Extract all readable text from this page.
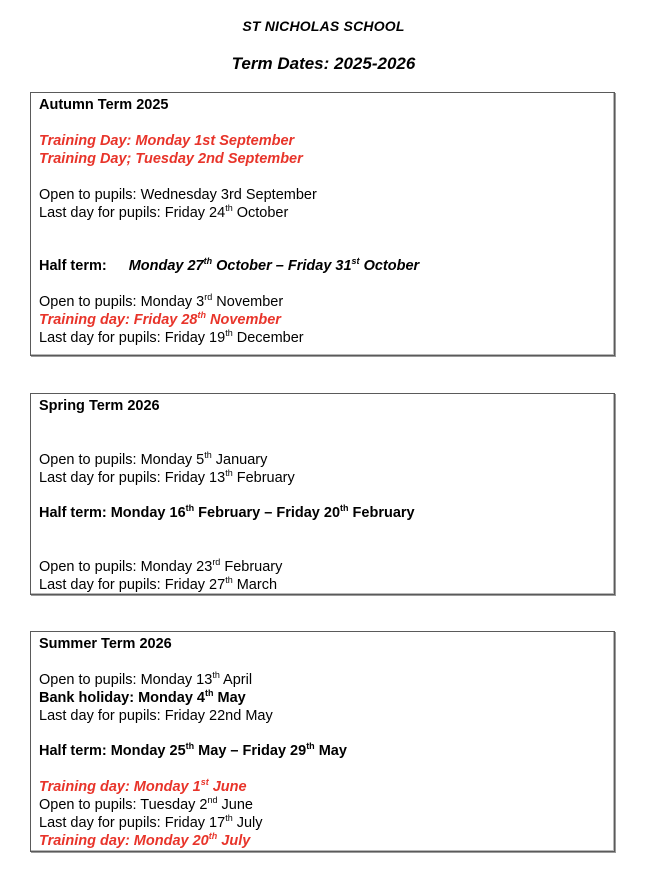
ST NICHOLAS SCHOOL
Term Dates: 2025-2026
Autumn Term 2025
Training Day: Monday 1st September
Training Day; Tuesday 2nd September
Open to pupils: Wednesday 3rd September
Last day for pupils: Friday 24th October
Half term: Monday 27th October – Friday 31st October
Open to pupils: Monday 3rd November
Training day: Friday 28th November
Last day for pupils: Friday 19th December
Spring Term 2026
Open to pupils: Monday 5th January
Last day for pupils: Friday 13th February
Half term: Monday 16th February – Friday 20th February
Open to pupils: Monday 23rd February
Last day for pupils: Friday 27th March
Summer Term 2026
Open to pupils: Monday 13th April
Bank holiday: Monday 4th May
Last day for pupils: Friday 22nd May
Half term: Monday 25th May – Friday 29th May
Training day: Monday 1st June
Open to pupils: Tuesday 2nd June
Last day for pupils: Friday 17th July
Training day: Monday 20th July
